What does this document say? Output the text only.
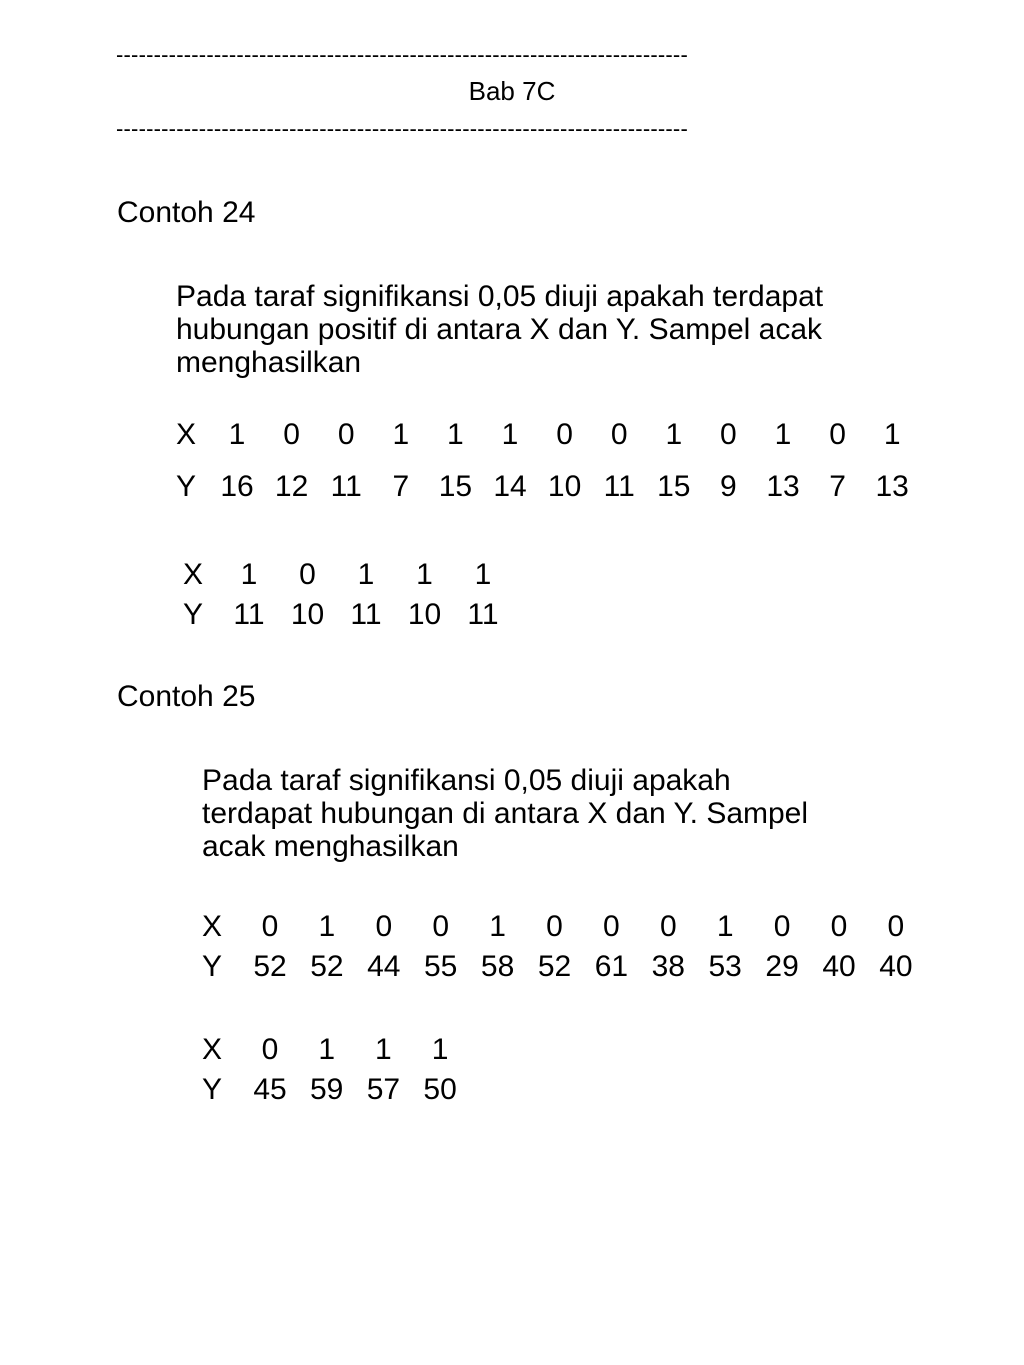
----------------------------------------------------------------------------
Bab 7C
----------------------------------------------------------------------------
Contoh 24
Pada taraf signifikansi 0,05 diuji apakah terdapat hubungan positif di antara X dan Y. Sampel acak menghasilkan
X 1 0 0 1 1 1 0 0 1 0 1 0 1
Y 16 12 11 7 15 14 10 11 15 9 13 7 13
X 1 0 1 1 1
Y 11 10 11 10 11
Contoh 25
Pada taraf signifikansi 0,05 diuji apakah terdapat hubungan di antara X dan Y. Sampel acak menghasilkan
X 0 1 0 0 1 0 0 0 1 0 0 0
Y 52 52 44 55 58 52 61 38 53 29 40 40
X 0 1 1 1
Y 45 59 57 50
